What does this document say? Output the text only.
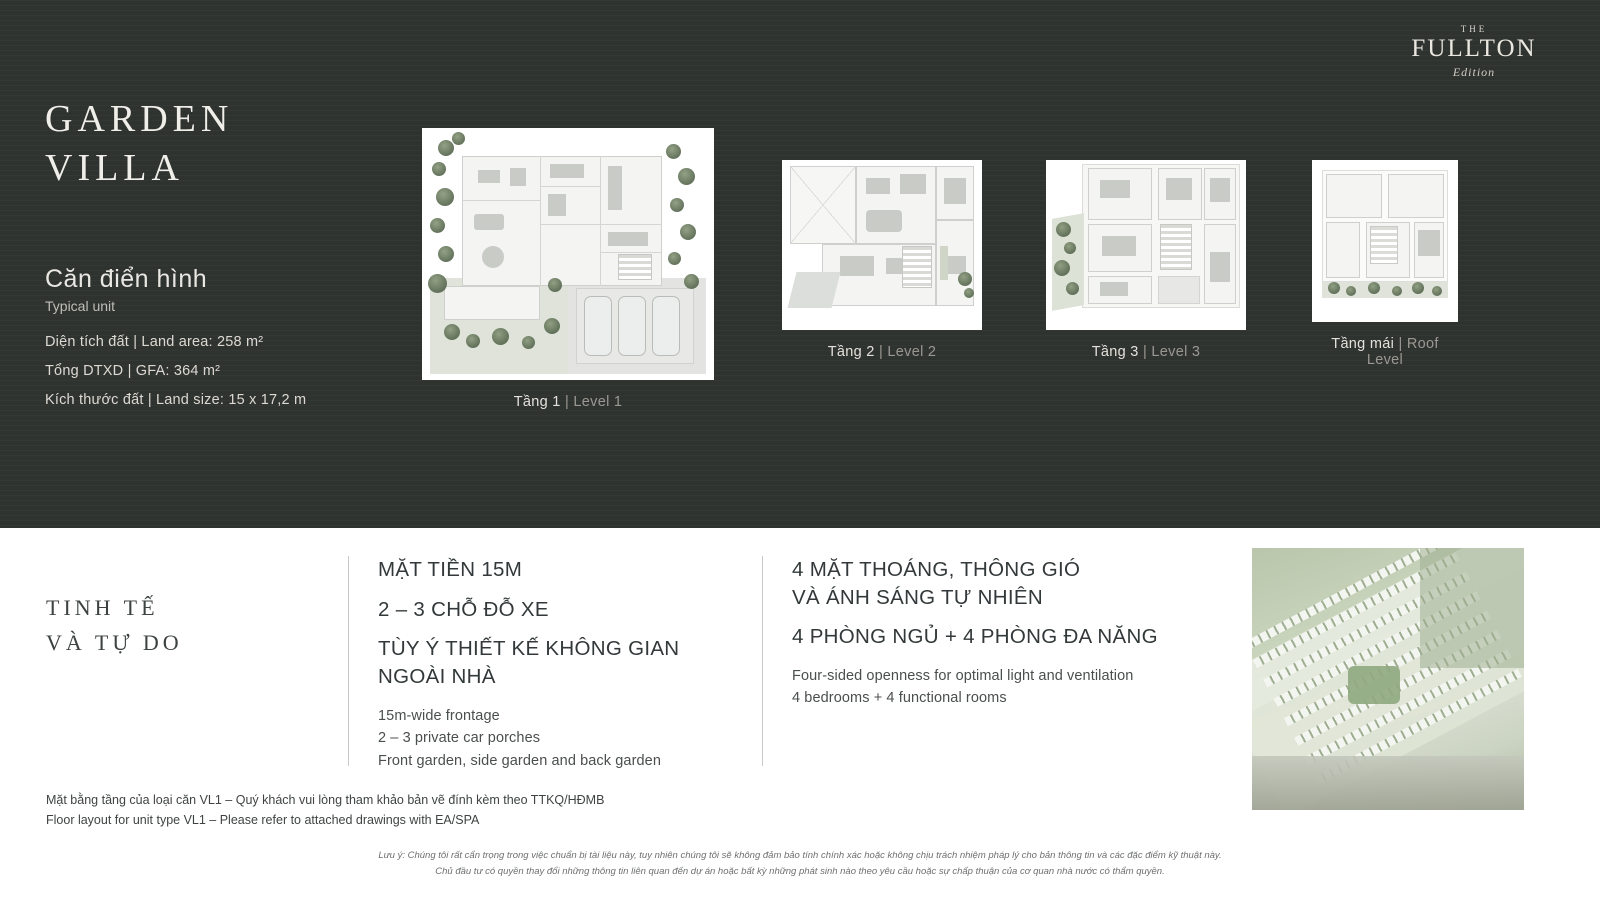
THE
FULLTON
Edition
GARDEN
VILLA
Căn điển hình
Typical unit
Diện tích đất | Land area: 258 m²
Tổng DTXD | GFA: 364 m²
Kích thước đất | Land size: 15 x 17,2 m	Tầng 1 | Level 1
Tầng 2 | Level 2	Tầng 3 | Level 3	Tầng mái | Roof Level
TINH TẾ
VÀ TỰ DO
MẶT TIỀN 15M
2 – 3 CHỖ ĐỖ XE
TÙY Ý THIẾT KẾ KHÔNG GIAN
NGOÀI NHÀ
15m-wide frontage
2 – 3 private car porches
Front garden, side garden and back garden
4 MẶT THOÁNG, THÔNG GIÓ
VÀ ÁNH SÁNG TỰ NHIÊN
4 PHÒNG NGỦ + 4 PHÒNG ĐA NĂNG
Four-sided openness for optimal light and ventilation
4 bedrooms + 4 functional rooms
Mặt bằng tầng của loại căn VL1 – Quý khách vui lòng tham khảo bản vẽ đính kèm theo TTKQ/HĐMB
Floor layout for unit type VL1 – Please refer to attached drawings with EA/SPA
Lưu ý: Chúng tôi rất cẩn trọng trong việc chuẩn bị tài liệu này, tuy nhiên chúng tôi sẽ không đảm bảo tính chính xác hoặc không chịu trách nhiệm pháp lý cho bản thông tin và các đặc điểm kỹ thuật này.
Chủ đầu tư có quyền thay đổi những thông tin liên quan đến dự án hoặc bất kỳ những phát sinh nào theo yêu cầu hoặc sự chấp thuận của cơ quan nhà nước có thẩm quyền.
